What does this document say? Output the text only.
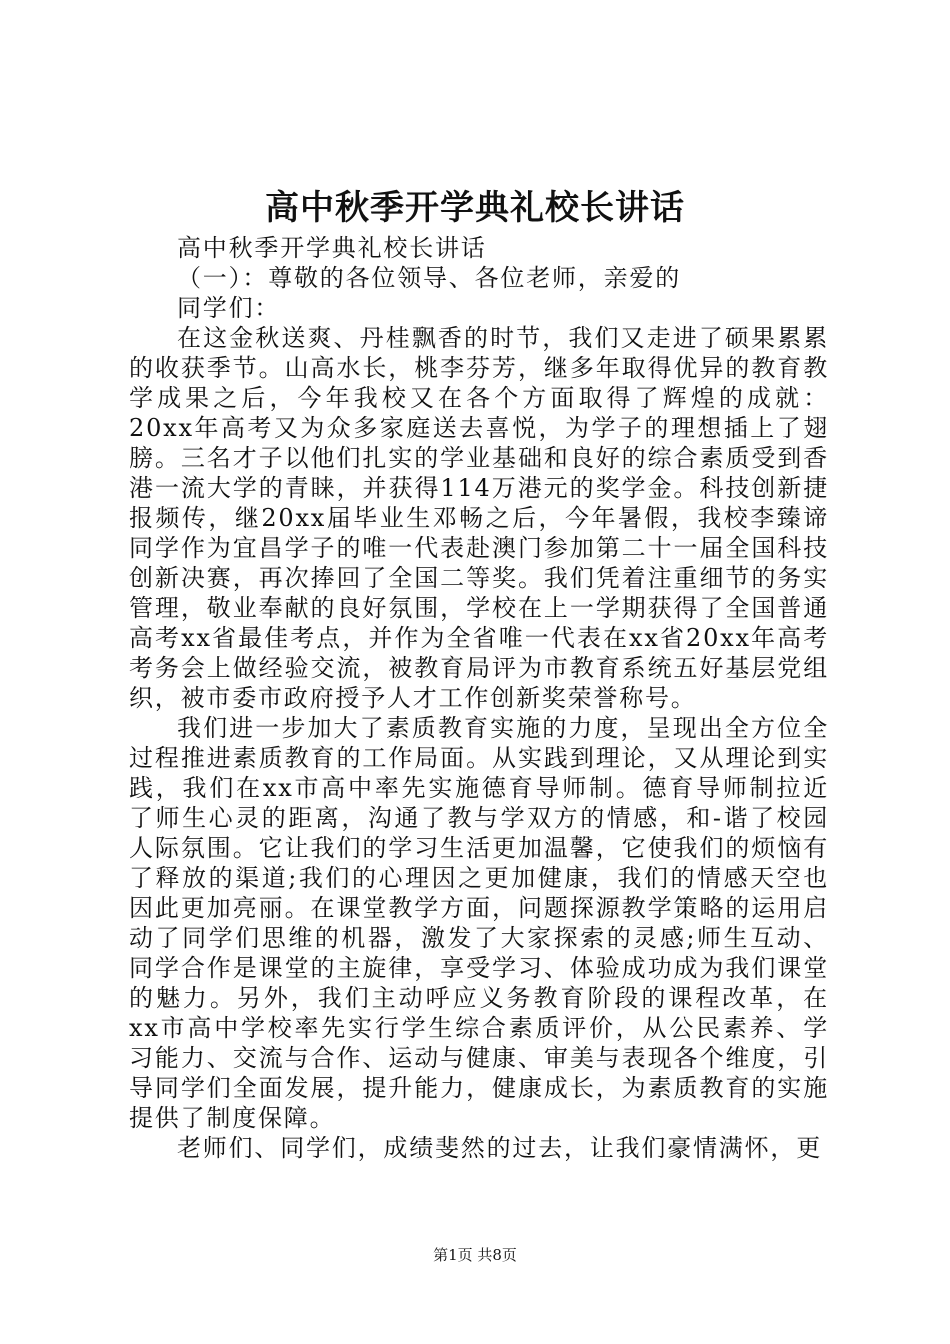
高中秋季开学典礼校长讲话

高中秋季开学典礼校长讲话

（一）：尊敬的各位领导、各位老师，亲爱的

同学们：

在这金秋送爽、丹桂飘香的时节，我们又走进了硕果累累的收获季节。山高水长，桃李芬芳，继多年取得优异的教育教学成果之后，今年我校又在各个方面取得了辉煌的成就：20xx年高考又为众多家庭送去喜悦，为学子的理想插上了翅膀。三名才子以他们扎实的学业基础和良好的综合素质受到香港一流大学的青睐，并获得114万港元的奖学金。科技创新捷报频传，继20xx届毕业生邓畅之后，今年暑假，我校李臻谛同学作为宜昌学子的唯一代表赴澳门参加第二十一届全国科技创新决赛，再次捧回了全国二等奖。我们凭着注重细节的务实管理，敬业奉献的良好氛围，学校在上一学期获得了全国普通高考xx省最佳考点，并作为全省唯一代表在xx省20xx年高考考务会上做经验交流，被教育局评为市教育系统五好基层党组织，被市委市政府授予人才工作创新奖荣誉称号。

我们进一步加大了素质教育实施的力度，呈现出全方位全过程推进素质教育的工作局面。从实践到理论，又从理论到实践，我们在xx市高中率先实施德育导师制。德育导师制拉近了师生心灵的距离，沟通了教与学双方的情感，和-谐了校园人际氛围。它让我们的学习生活更加温馨，它使我们的烦恼有了释放的渠道;我们的心理因之更加健康，我们的情感天空也因此更加亮丽。在课堂教学方面，问题探源教学策略的运用启动了同学们思维的机器，激发了大家探索的灵感;师生互动、同学合作是课堂的主旋律，享受学习、体验成功成为我们课堂的魅力。另外，我们主动呼应义务教育阶段的课程改革，在xx市高中学校率先实行学生综合素质评价，从公民素养、学习能力、交流与合作、运动与健康、审美与表现各个维度，引导同学们全面发展，提升能力，健康成长，为素质教育的实施提供了制度保障。

老师们、同学们，成绩斐然的过去，让我们豪情满怀，更

第1页 共8页
